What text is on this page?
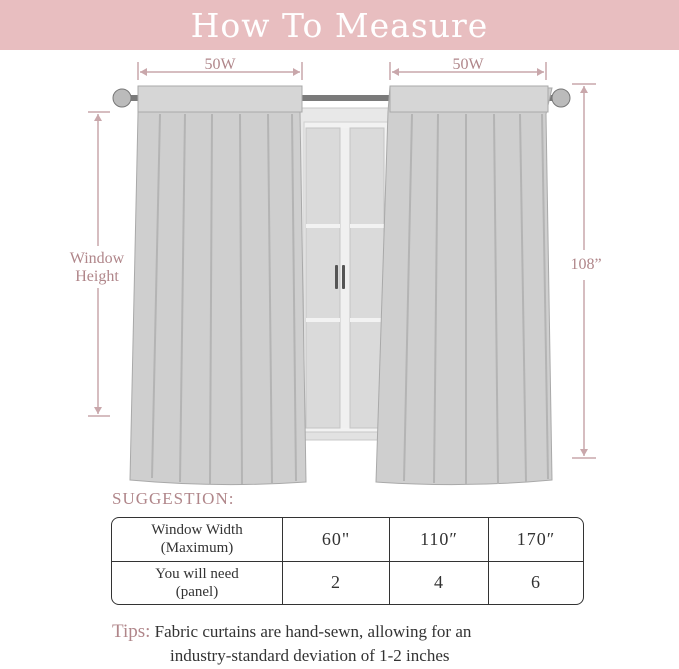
How To Measure
50W	50W
Window
Height
108”
SUGGESTION:
Window Width
(Maximum)	60"	110″	170″

You will need
(panel)	2	4	6
Tips: Fabric curtains are hand-sewn, allowing for an
industry-standard deviation of 1-2 inches
